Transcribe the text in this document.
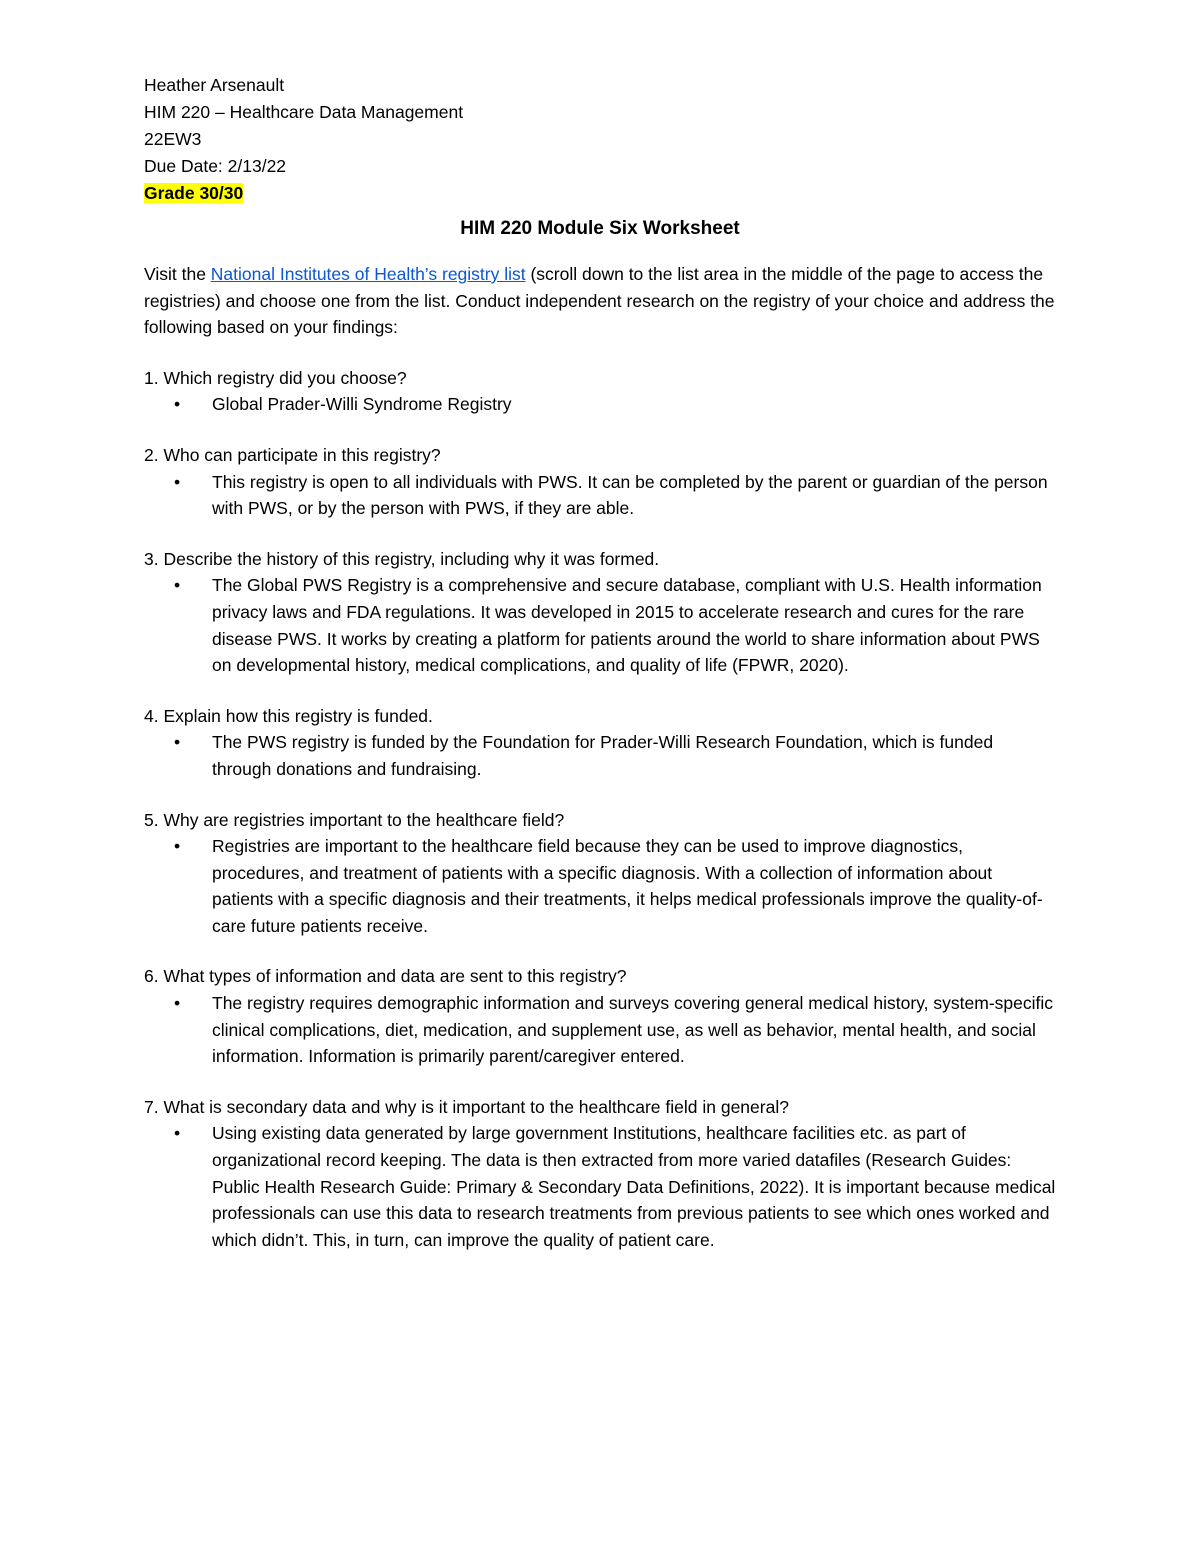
Heather Arsenault

HIM 220 – Healthcare Data Management

22EW3

Due Date: 2/13/22

Grade 30/30

HIM 220 Module Six Worksheet

Visit the National Institutes of Health’s registry list (scroll down to the list area in the middle of the page to access the registries) and choose one from the list. Conduct independent research on the registry of your choice and address the following based on your findings:

1. Which registry did you choose?

•	Global Prader-Willi Syndrome Registry

2. Who can participate in this registry?

•	This registry is open to all individuals with PWS. It can be completed by the parent or guardian of the person with PWS, or by the person with PWS, if they are able.

3. Describe the history of this registry, including why it was formed.

•	The Global PWS Registry is a comprehensive and secure database, compliant with U.S. Health information privacy laws and FDA regulations. It was developed in 2015 to accelerate research and cures for the rare disease PWS. It works by creating a platform for patients around the world to share information about PWS on developmental history, medical complications, and quality of life (FPWR, 2020).

4. Explain how this registry is funded.

•	The PWS registry is funded by the Foundation for Prader-Willi Research Foundation, which is funded through donations and fundraising.

5. Why are registries important to the healthcare field?

•	Registries are important to the healthcare field because they can be used to improve diagnostics, procedures, and treatment of patients with a specific diagnosis. With a collection of information about patients with a specific diagnosis and their treatments, it helps medical professionals improve the quality-of-care future patients receive.

6. What types of information and data are sent to this registry?

•	The registry requires demographic information and surveys covering general medical history, system-specific clinical complications, diet, medication, and supplement use, as well as behavior, mental health, and social information. Information is primarily parent/caregiver entered.

7. What is secondary data and why is it important to the healthcare field in general?

•	Using existing data generated by large government Institutions, healthcare facilities etc. as part of organizational record keeping. The data is then extracted from more varied datafiles (Research Guides: Public Health Research Guide: Primary & Secondary Data Definitions, 2022). It is important because medical professionals can use this data to research treatments from previous patients to see which ones worked and which didn’t. This, in turn, can improve the quality of patient care.
